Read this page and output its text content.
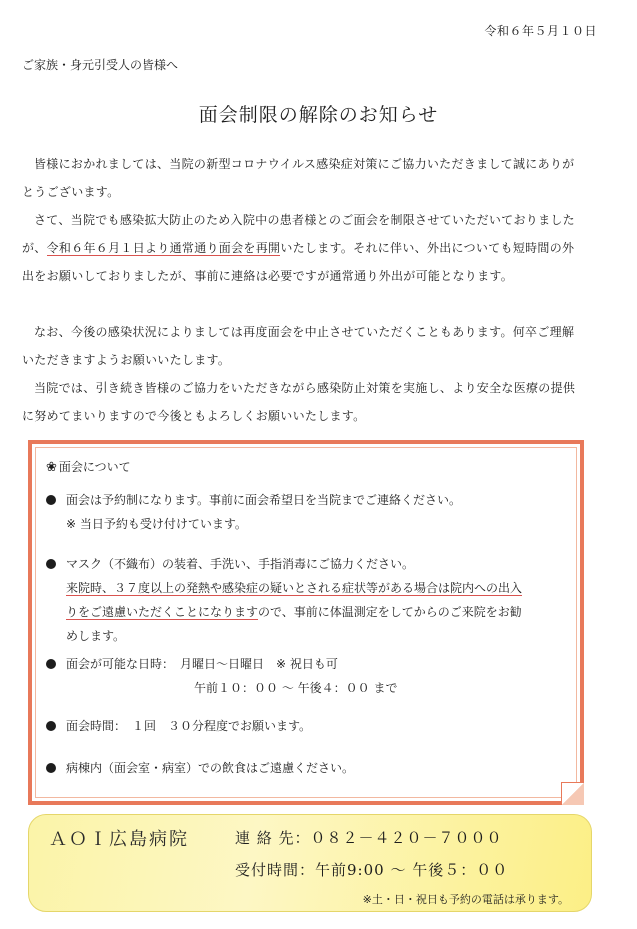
令和６年５月１０日
ご家族・身元引受人の皆様へ
面会制限の解除のお知らせ
皆様におかれましては、当院の新型コロナウイルス感染症対策にご協力いただきまして誠にありが
とうございます。
さて、当院でも感染拡大防止のため入院中の患者様とのご面会を制限させていただいておりました
が、令和６年６月１日より通常通り面会を再開いたします。それに伴い、外出についても短時間の外
出をお願いしておりましたが、事前に連絡は必要ですが通常通り外出が可能となります。
なお、今後の感染状況によりましては再度面会を中止させていただくこともあります。何卒ご理解
いただきますようお願いいたします。
当院では、引き続き皆様のご協力をいただきながら感染防止対策を実施し、より安全な医療の提供
に努めてまいりますので今後ともよろしくお願いいたします。
❀ 面会について
面会は予約制になります。事前に面会希望日を当院までご連絡ください。
※ 当日予約も受け付けています。
マスク（不織布）の装着、手洗い、手指消毒にご協力ください。
来院時、３７度以上の発熱や感染症の疑いとされる症状等がある場合は院内への出入
りをご遠慮いただくことになりますので、事前に体温測定をしてからのご来院をお勧
めします。
面会が可能な日時：　月曜日～日曜日　※ 祝日も可
午前１０：００ ～ 午後４：００ まで
面会時間：　１回　３０分程度でお願います。
病棟内（面会室・病室）での飲食はご遠慮ください。
ＡＯＩ広島病院	連 絡 先：０８２－４２０－７０００
受付時間：午前9:00 ～ 午後５：００
※土・日・祝日も予約の電話は承ります。
